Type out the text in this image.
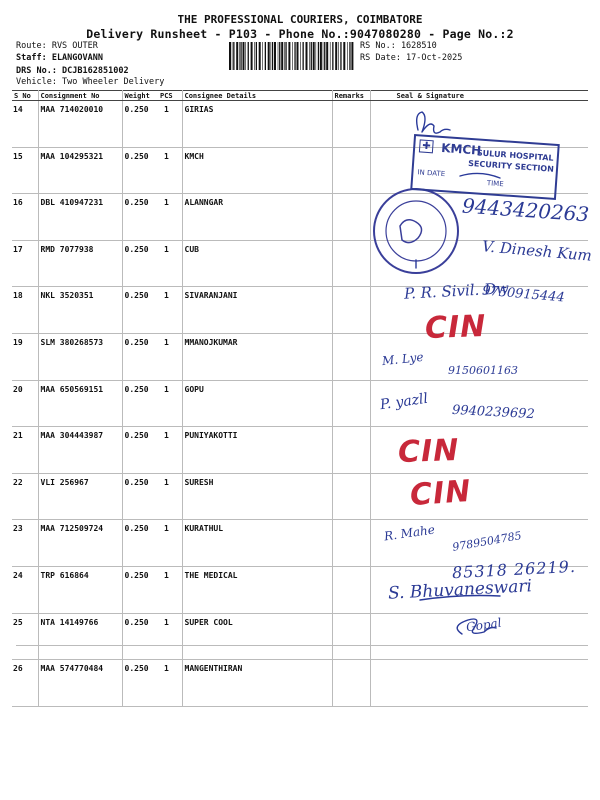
THE PROFESSIONAL COURIERS, COIMBATORE
Delivery Runsheet - P103 - Phone No.:9047080280 - Page No.:2
Route: RVS OUTER
Staff: ELANGOVANN
DRS No.: DCJB162851002
Vehicle: Two Wheeler Delivery
RS No.: 1628510
RS Date: 17-Oct-2025
S No	Consignment No	Weight	PCS	Consignee Details	Remarks	Seal & Signature
14	MAA 714020010	0.250	1	GIRIAS		
15	MAA 104295321	0.250	1	KMCH		
16	DBL 410947231	0.250	1	ALANNGAR		
17	RMD 7077938	0.250	1	CUB		
18	NKL 3520351	0.250	1	SIVARANJANI		
19	SLM 380268573	0.250	1	MMANOJKUMAR		
20	MAA 650569151	0.250	1	GOPU		
21	MAA 304443987	0.250	1	PUNIYAKOTTI		
22	VLI 256967	0.250	1	SURESH		
23	MAA 712509724	0.250	1	KURATHUL		
24	TRP 616864	0.250	1	THE MEDICAL		
25	NTA 14149766	0.250	1	SUPER COOL		
26	MAA 574770484	0.250	1	MANGENTHIRAN		
✚ KMCH
SULUR HOSPITAL
SECURITY SECTION
IN DATE
TIME
9443420263
V. Dinesh Kum
P. R. Sivil. Dw
9750915444
CIN
M. Lye
9150601163
P. yazll 9940239692
CIN
CIN
R. Mahe 9789504785
85318 26219.
S. Bhuvaneswari
Gopal
